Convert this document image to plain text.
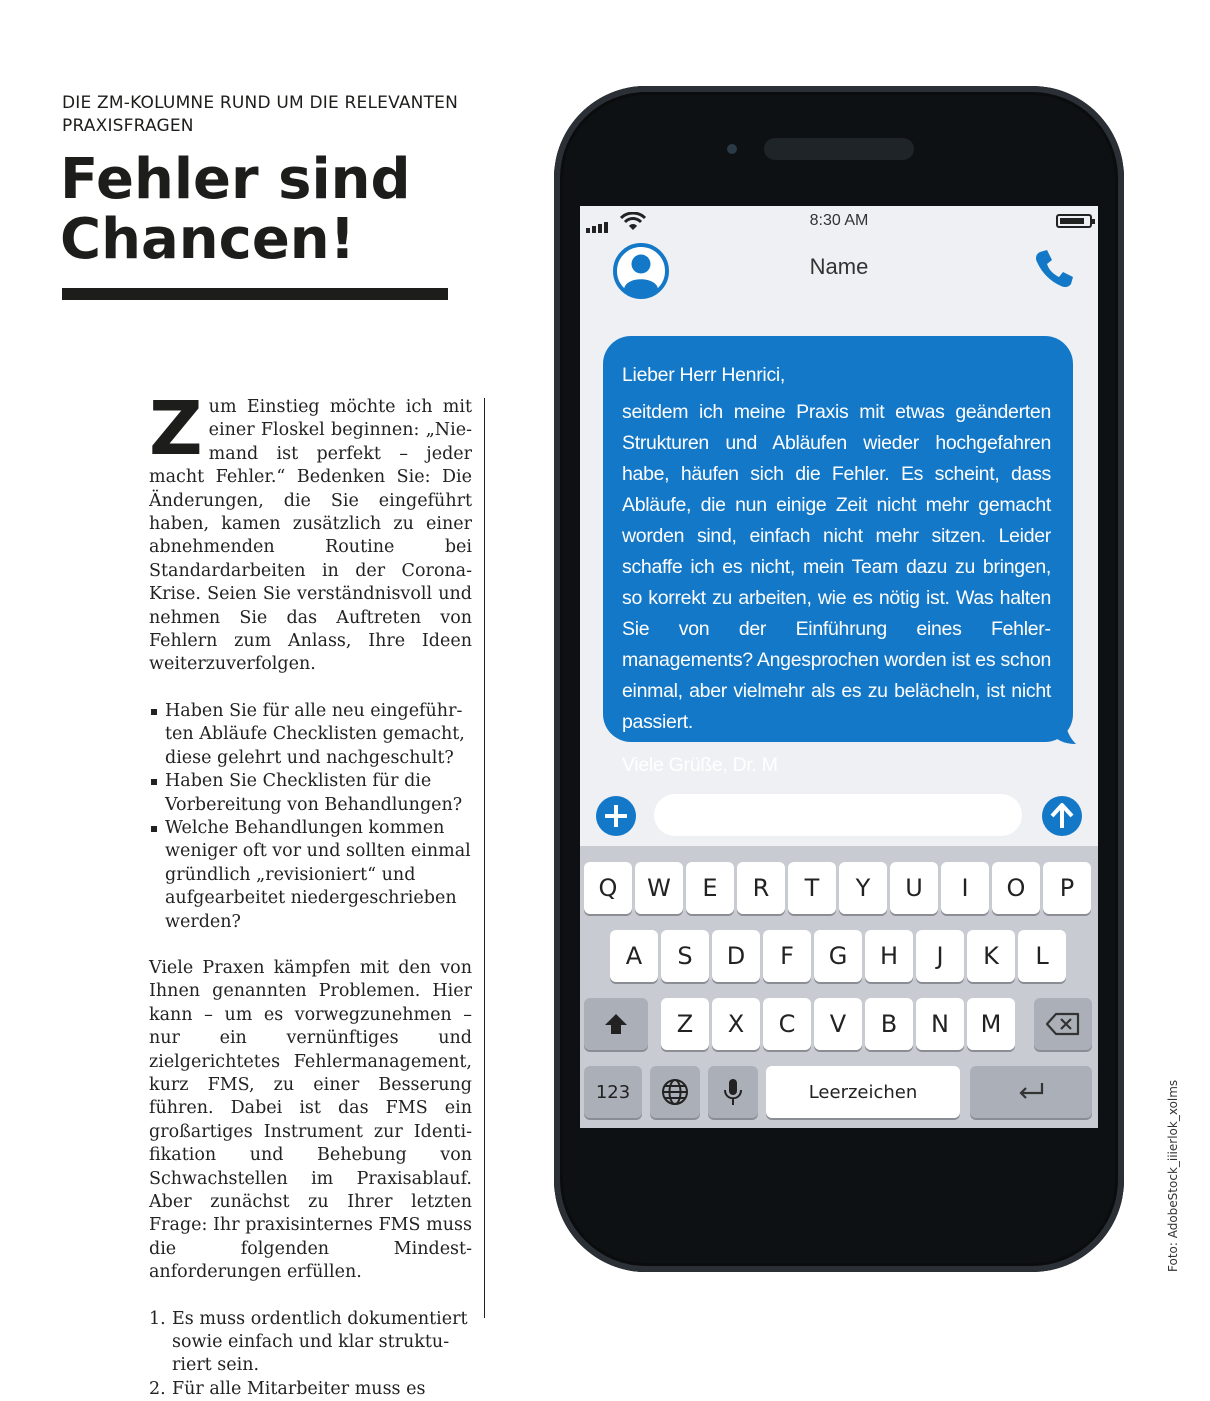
DIE ZM-KOLUMNE RUND UM DIE RELEVANTEN PRAXISFRAGEN
Fehler sind Chancen!

Zum Einstieg möchte ich mit einer Floskel beginnen: „Niemand ist perfekt – jeder macht Fehler.“ Bedenken Sie: Die Änderungen, die Sie eingeführt haben, kamen zusätzlich zu einer abnehmenden Routine bei Standardarbeiten in der Corona-Krise. Seien Sie verständnisvoll und nehmen Sie das Auftreten von Fehlern zum Anlass, Ihre Ideen weiterzuverfolgen.

Haben Sie für alle neu eingeführten Abläufe Checklisten gemacht, diese gelehrt und nachgeschult?
Haben Sie Checklisten für die Vorbereitung von Behandlungen?
Welche Behandlungen kommen weniger oft vor und sollten einmal gründlich „revisioniert“ und aufgearbeitet niedergeschrieben werden?

Viele Praxen kämpfen mit den von Ihnen genannten Problemen. Hier kann – um es vorwegzunehmen – nur ein vernünftiges und zielgerichtetes Fehlermanagement, kurz FMS, zu einer Besserung führen. Dabei ist das FMS ein großartiges Instrument zur Identifikation und Behebung von Schwachstellen im Praxisablauf. Aber zunächst zu Ihrer letzten Frage: Ihr praxisinternes FMS muss die folgenden Mindestanforderungen erfüllen.

1. Es muss ordentlich dokumentiert sowie einfach und klar strukturiert sein.
2. Für alle Mitarbeiter muss es
8:30 AM
Name

Lieber Herr Henrici,

seitdem ich meine Praxis mit etwas geänderten Strukturen und Abläufen wieder hochgefahren habe, häufen sich die Fehler. Es scheint, dass Abläufe, die nun einige Zeit nicht mehr gemacht worden sind, einfach nicht mehr sitzen. Leider schaffe ich es nicht, mein Team dazu zu bringen, so korrekt zu arbeiten, wie es nötig ist. Was halten Sie von der Einführung eines Fehlermanagements? Angesprochen worden ist es schon einmal, aber vielmehr als es zu belächeln, ist nicht passiert.

Viele Grüße, Dr. M

Q	W	E	R	T	Y	U	I	O	P
A	S	D	F	G	H	J	K	L
Z	X	C	V	B	N	M
123	Leerzeichen	Foto: AdobeStock_iiierlok_xolms
